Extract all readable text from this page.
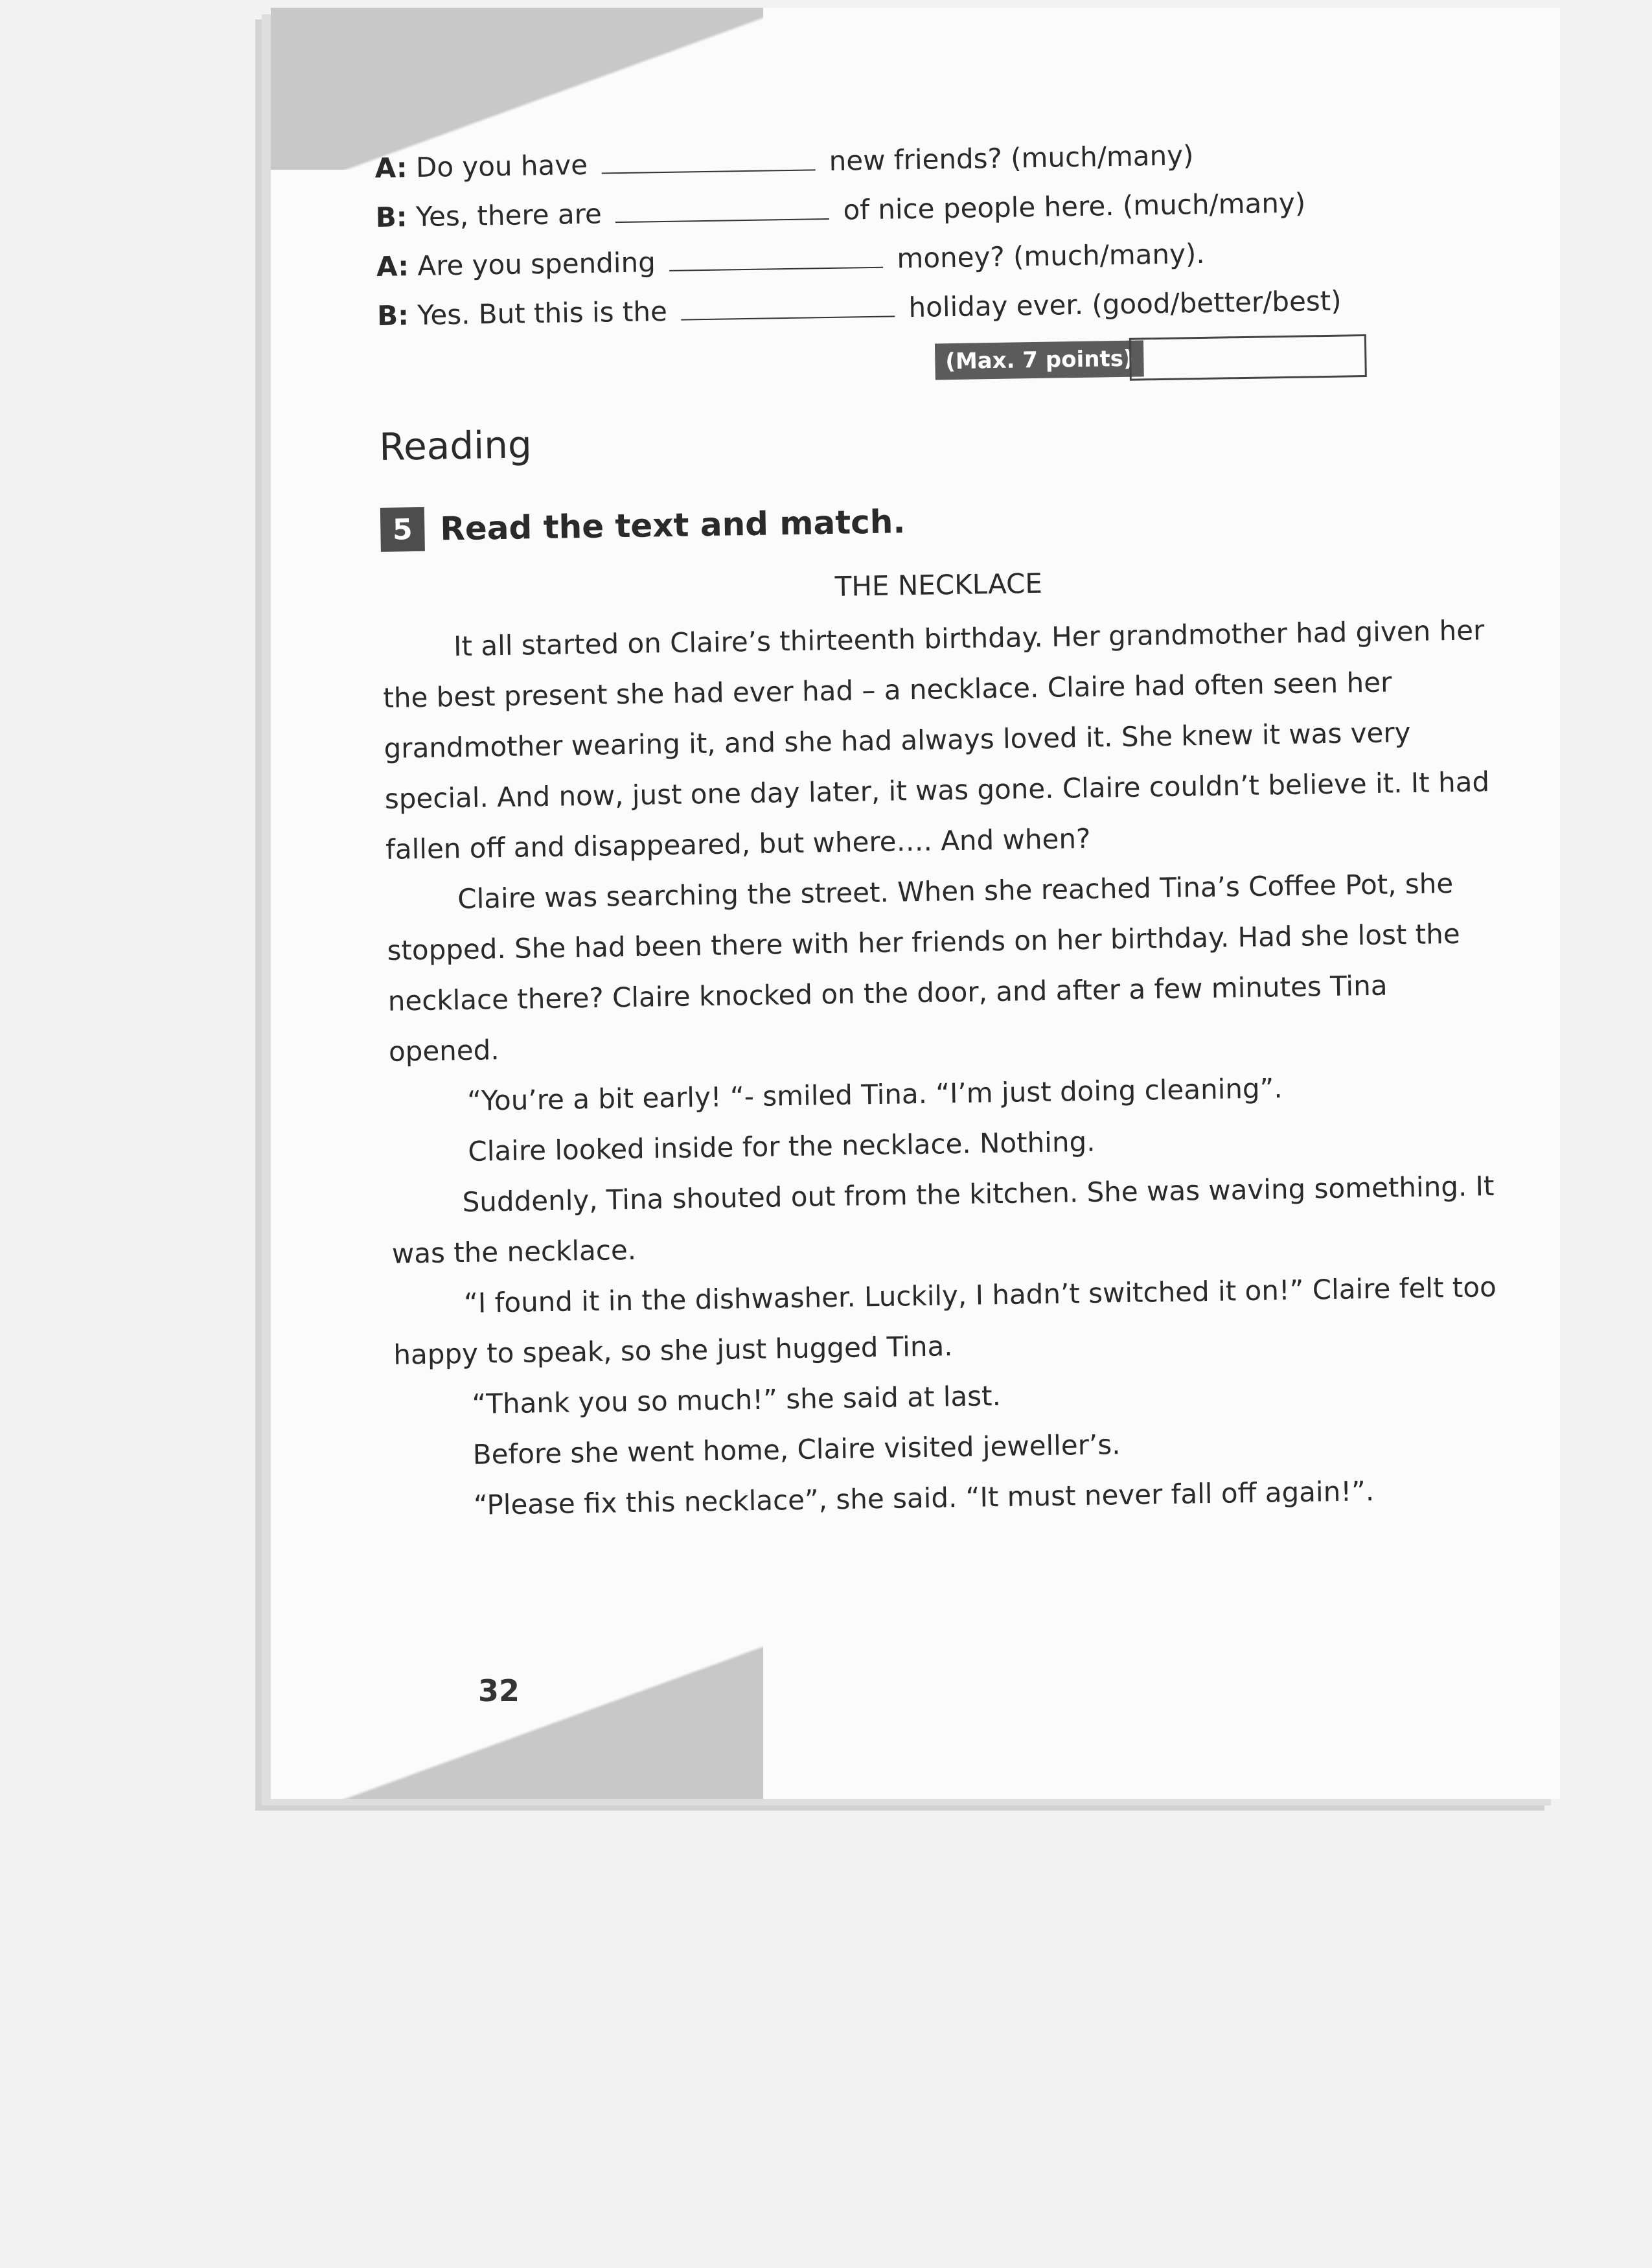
A: Do you have	new friends? (much/many)
B: Yes, there are	of nice people here. (much/many)
A: Are you spending	money? (much/many).
B: Yes. But this is the	holiday ever. (good/better/best)
(Max. 7 points)
Reading
5 Read the text and match.
THE NECKLACE

It all started on Claire’s thirteenth birthday. Her grandmother had given her the best present she had ever had – a necklace. Claire had often seen her grandmother wearing it, and she had always loved it. She knew it was very special. And now, just one day later, it was gone. Claire couldn’t believe it. It had fallen off and disappeared, but where…. And when?

Claire was searching the street. When she reached Tina’s Coffee Pot, she stopped. She had been there with her friends on her birthday. Had she lost the necklace there? Claire knocked on the door, and after a few minutes Tina opened.

“You’re a bit early! “- smiled Tina. “I’m just doing cleaning”.

Claire looked inside for the necklace. Nothing.

Suddenly, Tina shouted out from the kitchen. She was waving something. It was the necklace.

“I found it in the dishwasher. Luckily, I hadn’t switched it on!” Claire felt too happy to speak, so she just hugged Tina.

“Thank you so much!” she said at last.

Before she went home, Claire visited jeweller’s.

“Please fix this necklace”, she said. “It must never fall off again!”.

32
